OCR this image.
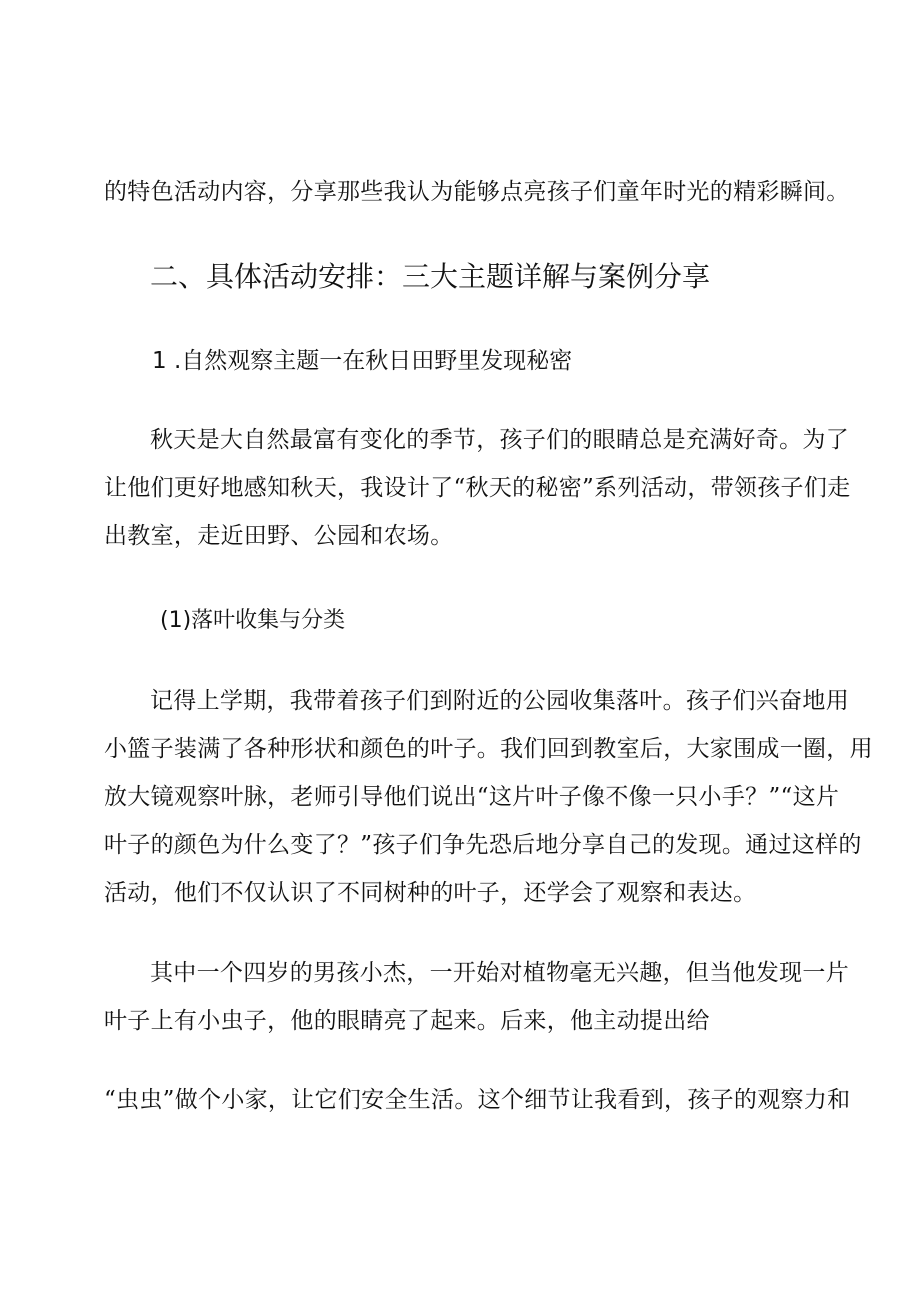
的特色活动内容，分享那些我认为能够点亮孩子们童年时光的精彩瞬间。
二、具体活动安排：三大主题详解与案例分享
1 .自然观察主题一在秋日田野里发现秘密
秋天是大自然最富有变化的季节，孩子们的眼睛总是充满好奇。为了
让他们更好地感知秋天，我设计了“秋天的秘密”系列活动，带领孩子们走
出教室，走近田野、公园和农场。
(1)落叶收集与分类
记得上学期，我带着孩子们到附近的公园收集落叶。孩子们兴奋地用
小篮子装满了各种形状和颜色的叶子。我们回到教室后，大家围成一圈，用
放大镜观察叶脉，老师引导他们说出“这片叶子像不像一只小手？”“这片
叶子的颜色为什么变了？”孩子们争先恐后地分享自己的发现。通过这样的
活动，他们不仅认识了不同树种的叶子，还学会了观察和表达。
其中一个四岁的男孩小杰，一开始对植物毫无兴趣，但当他发现一片
叶子上有小虫子，他的眼睛亮了起来。后来，他主动提出给
“虫虫”做个小家，让它们安全生活。这个细节让我看到，孩子的观察力和
